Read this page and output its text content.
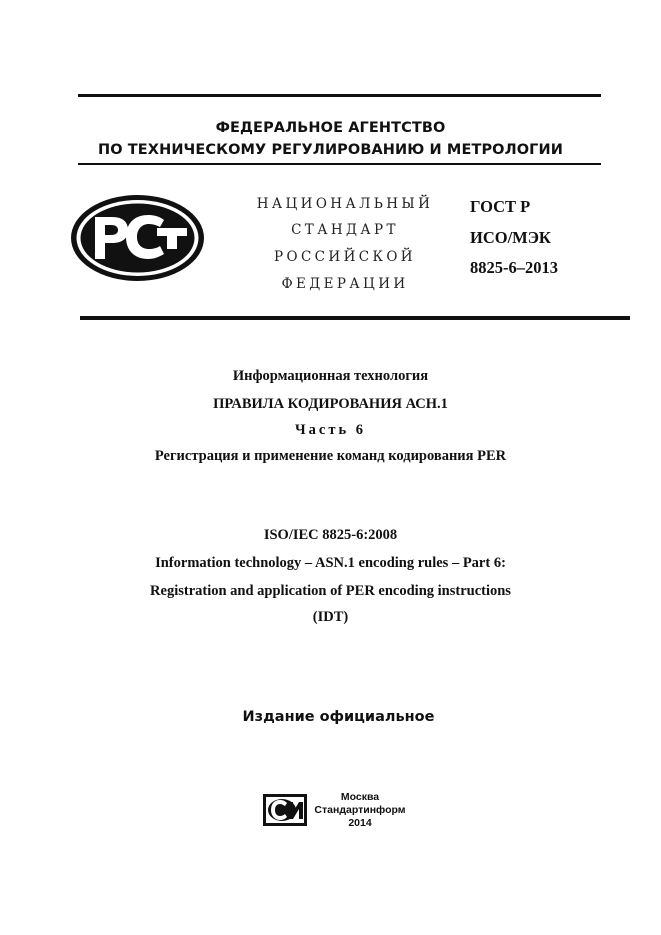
ФЕДЕРАЛЬНОЕ АГЕНТСТВО
ПО ТЕХНИЧЕСКОМУ РЕГУЛИРОВАНИЮ И МЕТРОЛОГИИ
НАЦИОНАЛЬНЫЙ
СТАНДАРТ
РОССИЙСКОЙ
ФЕДЕРАЦИИ
ГОСТ Р
ИСО/МЭК
8825-6–2013
Информационная технология
ПРАВИЛА КОДИРОВАНИЯ АСН.1
Часть 6
Регистрация и применение команд кодирования PER
ISO/IEC 8825-6:2008
Information technology – ASN.1 encoding rules – Part 6:
Registration and application of PER encoding instructions
(IDT)
Издание официальное
Москва
Стандартинформ
2014
